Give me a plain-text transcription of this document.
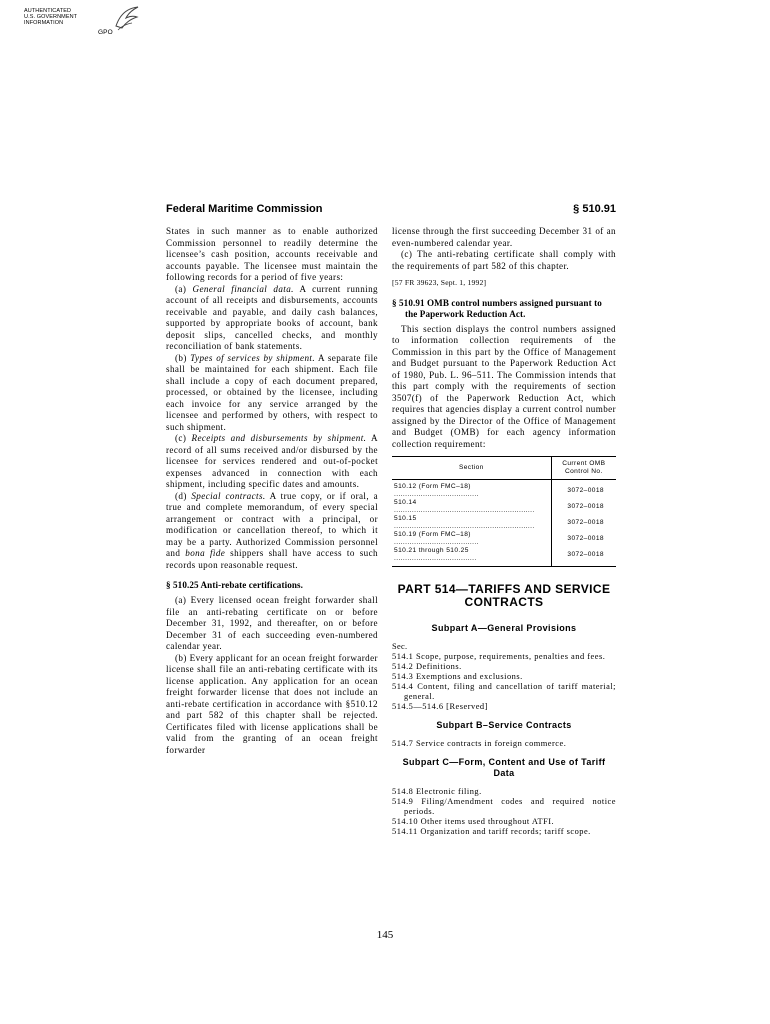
AUTHENTICATED
U.S. GOVERNMENT
INFORMATION
GPO
Federal Maritime Commission	§ 510.91

States in such manner as to enable authorized Commission personnel to readily determine the licensee’s cash position, accounts receivable and accounts payable. The licensee must maintain the following records for a period of five years:

(a) General financial data. A current running account of all receipts and disbursements, accounts receivable and payable, and daily cash balances, supported by appropriate books of account, bank deposit slips, cancelled checks, and monthly reconciliation of bank statements.

(b) Types of services by shipment. A separate file shall be maintained for each shipment. Each file shall include a copy of each document prepared, processed, or obtained by the licensee, including each invoice for any service arranged by the licensee and performed by others, with respect to such shipment.

(c) Receipts and disbursements by shipment. A record of all sums received and/or disbursed by the licensee for services rendered and out-of-pocket expenses advanced in connection with each shipment, including specific dates and amounts.

(d) Special contracts. A true copy, or if oral, a true and complete memorandum, of every special arrangement or contract with a principal, or modification or cancellation thereof, to which it may be a party. Authorized Commission personnel and bona fide shippers shall have access to such records upon reasonable request.

§ 510.25 Anti-rebate certifications.

(a) Every licensed ocean freight forwarder shall file an anti-rebating certificate on or before December 31, 1992, and thereafter, on or before December 31 of each succeeding even-numbered calendar year.

(b) Every applicant for an ocean freight forwarder license shall file an anti-rebating certificate with its license application. Any application for an ocean freight forwarder license that does not include an anti-rebate certification in accordance with §510.12 and part 582 of this chapter shall be rejected. Certificates filed with license applications shall be valid from the granting of an ocean freight forwarder

license through the first succeeding December 31 of an even-numbered calendar year.

(c) The anti-rebating certificate shall comply with the requirements of part 582 of this chapter.

[57 FR 39623, Sept. 1, 1992]
§ 510.91 OMB control numbers assigned pursuant to the Paperwork Reduction Act.

This section displays the control numbers assigned to information collection requirements of the Commission in this part by the Office of Management and Budget pursuant to the Paperwork Reduction Act of 1980, Pub. L. 96–511. The Commission intends that this part comply with the requirements of section 3507(f) of the Paperwork Reduction Act, which requires that agencies display a current control number assigned by the Director of the Office of Management and Budget (OMB) for each agency information collection requirement:

Section	Current OMB Control No.
510.12 (Form FMC–18) ......................................	3072–0018
510.14 ...............................................................	3072–0018
510.15 ...............................................................	3072–0018
510.19 (Form FMC–18) ......................................	3072–0018
510.21 through 510.25 .....................................	3072–0018
PART 514—TARIFFS AND SERVICE CONTRACTS
Subpart A—General Provisions

Sec.

514.1 Scope, purpose, requirements, penalties and fees.
514.2 Definitions.
514.3 Exemptions and exclusions.
514.4 Content, filing and cancellation of tariff material; general.
514.5—514.6 [Reserved]
Subpart B–Service Contracts
514.7 Service contracts in foreign commerce.
Subpart C—Form, Content and Use of Tariff Data
514.8 Electronic filing.
514.9 Filing/Amendment codes and required notice periods.
514.10 Other items used throughout ATFI.
514.11 Organization and tariff records; tariff scope.
145
